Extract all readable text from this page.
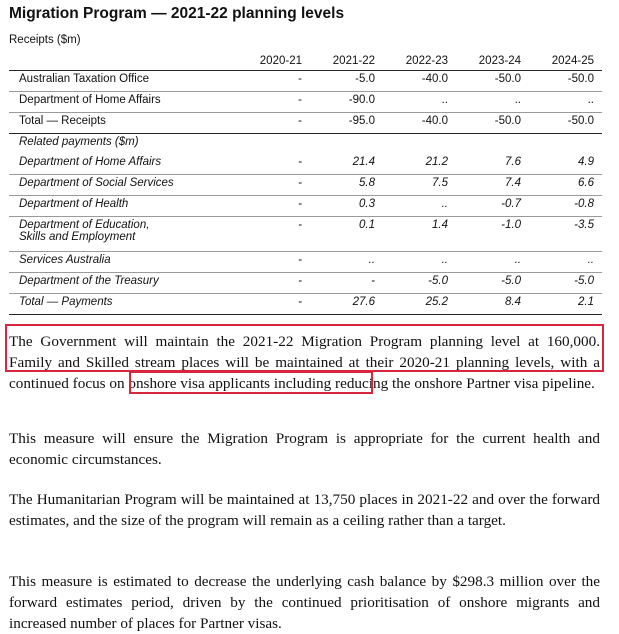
Migration Program — 2021-22 planning levels
Receipts ($m)
	2020-21	2021-22	2022-23	2023-24	2024-25
Australian Taxation Office	-	-5.0	-40.0	-50.0	-50.0
Department of Home Affairs	-	-90.0	..	..	..
Total — Receipts	-	-95.0	-40.0	-50.0	-50.0
Related payments ($m)					
Department of Home Affairs	-	21.4	21.2	7.6	4.9
Department of Social Services	-	5.8	7.5	7.4	6.6
Department of Health	-	0.3	..	-0.7	-0.8
Department of Education,
Skills and Employment	-	0.1	1.4	-1.0	-3.5
Services Australia	-	..	..	..	..
Department of the Treasury	-	-	-5.0	-5.0	-5.0
Total — Payments	-	27.6	25.2	8.4	2.1

The Government will maintain the 2021-22 Migration Program planning level at 160,000. Family and Skilled stream places will be maintained at their 2020-21 planning levels, with a continued focus on onshore visa applicants including reducing the onshore Partner visa pipeline.

This measure will ensure the Migration Program is appropriate for the current health and economic circumstances.

The Humanitarian Program will be maintained at 13,750 places in 2021-22 and over the forward estimates, and the size of the program will remain as a ceiling rather than a target.

This measure is estimated to decrease the underlying cash balance by $298.3 million over the forward estimates period, driven by the continued prioritisation of onshore migrants and increased number of places for Partner visas.
